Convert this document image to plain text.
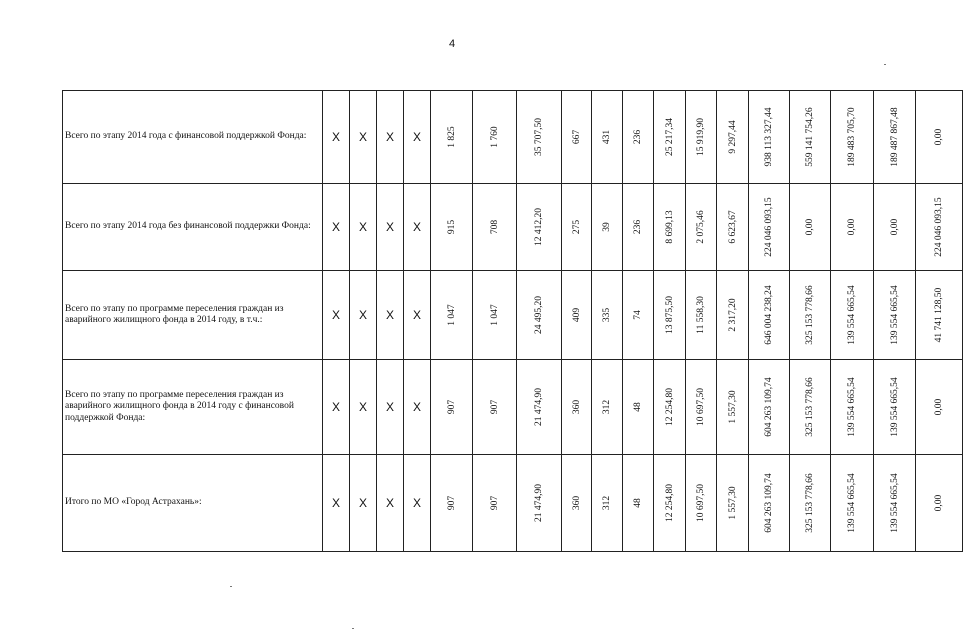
4
Всего по этапу 2014 года с финансовой поддержкой Фонда:	Х	Х	Х	Х	1 825	1 760	35 707,50	667	431	236	25 217,34	15 919,90	9 297,44	938 113 327,44	559 141 754,26	189 483 705,70	189 487 867,48	0,00

Всего по этапу 2014 года без финансовой поддержки Фонда:	Х	Х	Х	Х	915	708	12 412,20	275	39	236	8 699,13	2 075,46	6 623,67	224 046 093,15	0,00	0,00	0,00	224 046 093,15

Всего по этапу по программе переселения граждан из аварийного жилищного фонда в 2014 году, в т.ч.:	Х	Х	Х	Х	1 047	1 047	24 495,20	409	335	74	13 875,50	11 558,30	2 317,20	646 004 238,24	325 153 778,66	139 554 665,54	139 554 665,54	41 741 128,50

Всего по этапу по программе переселения граждан из аварийного жилищного фонда в 2014 году с финансовой поддержкой Фонда:	Х	Х	Х	Х	907	907	21 474,90	360	312	48	12 254,80	10 697,50	1 557,30	604 263 109,74	325 153 778,66	139 554 665,54	139 554 665,54	0,00

Итого по МО «Город Астрахань»:	Х	Х	Х	Х	907	907	21 474,90	360	312	48	12 254,80	10 697,50	1 557,30	604 263 109,74	325 153 778,66	139 554 665,54	139 554 665,54	0,00
